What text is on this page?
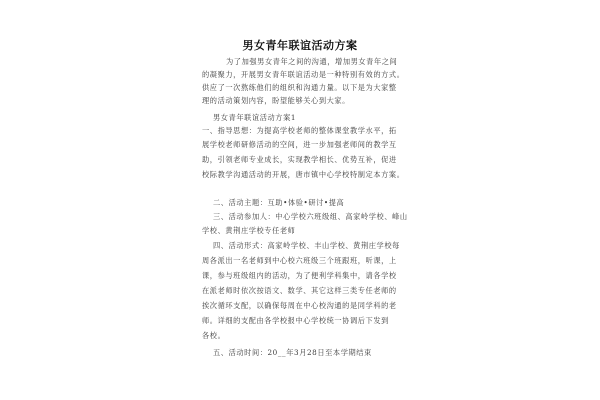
男女青年联谊活动方案
为了加强男女青年之间的沟通，增加男女青年之间
的凝聚力，开展男女青年联谊活动是一种特别有效的方式。
供应了一次熬练他们的组织和沟通力量。以下是为大家整
理的活动策划内容，盼望能够关心到大家。
男女青年联谊活动方案1
一、指导思想：为提高学校老师的整体课堂教学水平，拓
展学校老师研修活动的空间，进一步加强老师间的教学互
助，引领老师专业成长，实现教学相长、优势互补，促进
校际教学沟通活动的开展，唐市镇中心学校特制定本方案。
二、活动主题：互助•体验•研讨•提高
三、活动参加人：中心学校六班级组、高家岭学校、峰山
学校、黄荆庄学校专任老师
四、活动形式：高家岭学校、丰山学校、黄荆庄学校每
周各派出一名老师到中心校六班级三个班跟班，听课，上
课，参与班级组内的活动，为了便利学科集中，请各学校
在派老师时依次按语文、数学、其它这样三类专任老师的
挨次循环支配，以确保每周在中心校沟通的是同学科的老
师。详细的支配由各学校报中心学校统一协调后下发到
各校。
五、活动时间：20__年3月28日至本学期结束
